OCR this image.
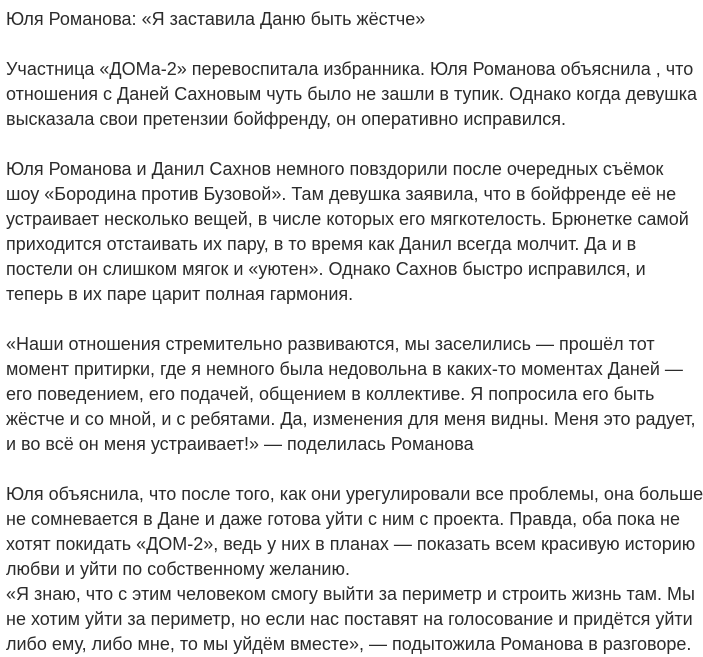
Юля Романова: «Я заставила Даню быть жёстче»
Участница «ДОМа-2» перевоспитала избранника. Юля Романова объяснила , что
отношения с Даней Сахновым чуть было не зашли в тупик. Однако когда девушка
высказала свои претензии бойфренду, он оперативно исправился.
Юля Романова и Данил Сахнов немного повздорили после очередных съёмок
шоу «Бородина против Бузовой». Там девушка заявила, что в бойфренде её не
устраивает несколько вещей, в числе которых его мягкотелость. Брюнетке самой
приходится отстаивать их пару, в то время как Данил всегда молчит. Да и в
постели он слишком мягок и «уютен». Однако Сахнов быстро исправился, и
теперь в их паре царит полная гармония.
«Наши отношения стремительно развиваются, мы заселились — прошёл тот
момент притирки, где я немного была недовольна в каких-то моментах Даней —
его поведением, его подачей, общением в коллективе. Я попросила его быть
жёстче и со мной, и с ребятами. Да, изменения для меня видны. Меня это радует,
и во всё он меня устраивает!» — поделилась Романова
Юля объяснила, что после того, как они урегулировали все проблемы, она больше
не сомневается в Дане и даже готова уйти с ним с проекта. Правда, оба пока не
хотят покидать «ДОМ-2», ведь у них в планах — показать всем красивую историю
любви и уйти по собственному желанию.
«Я знаю, что с этим человеком смогу выйти за периметр и строить жизнь там. Мы
не хотим уйти за периметр, но если нас поставят на голосование и придётся уйти
либо ему, либо мне, то мы уйдём вместе», — подытожила Романова в разговоре.
